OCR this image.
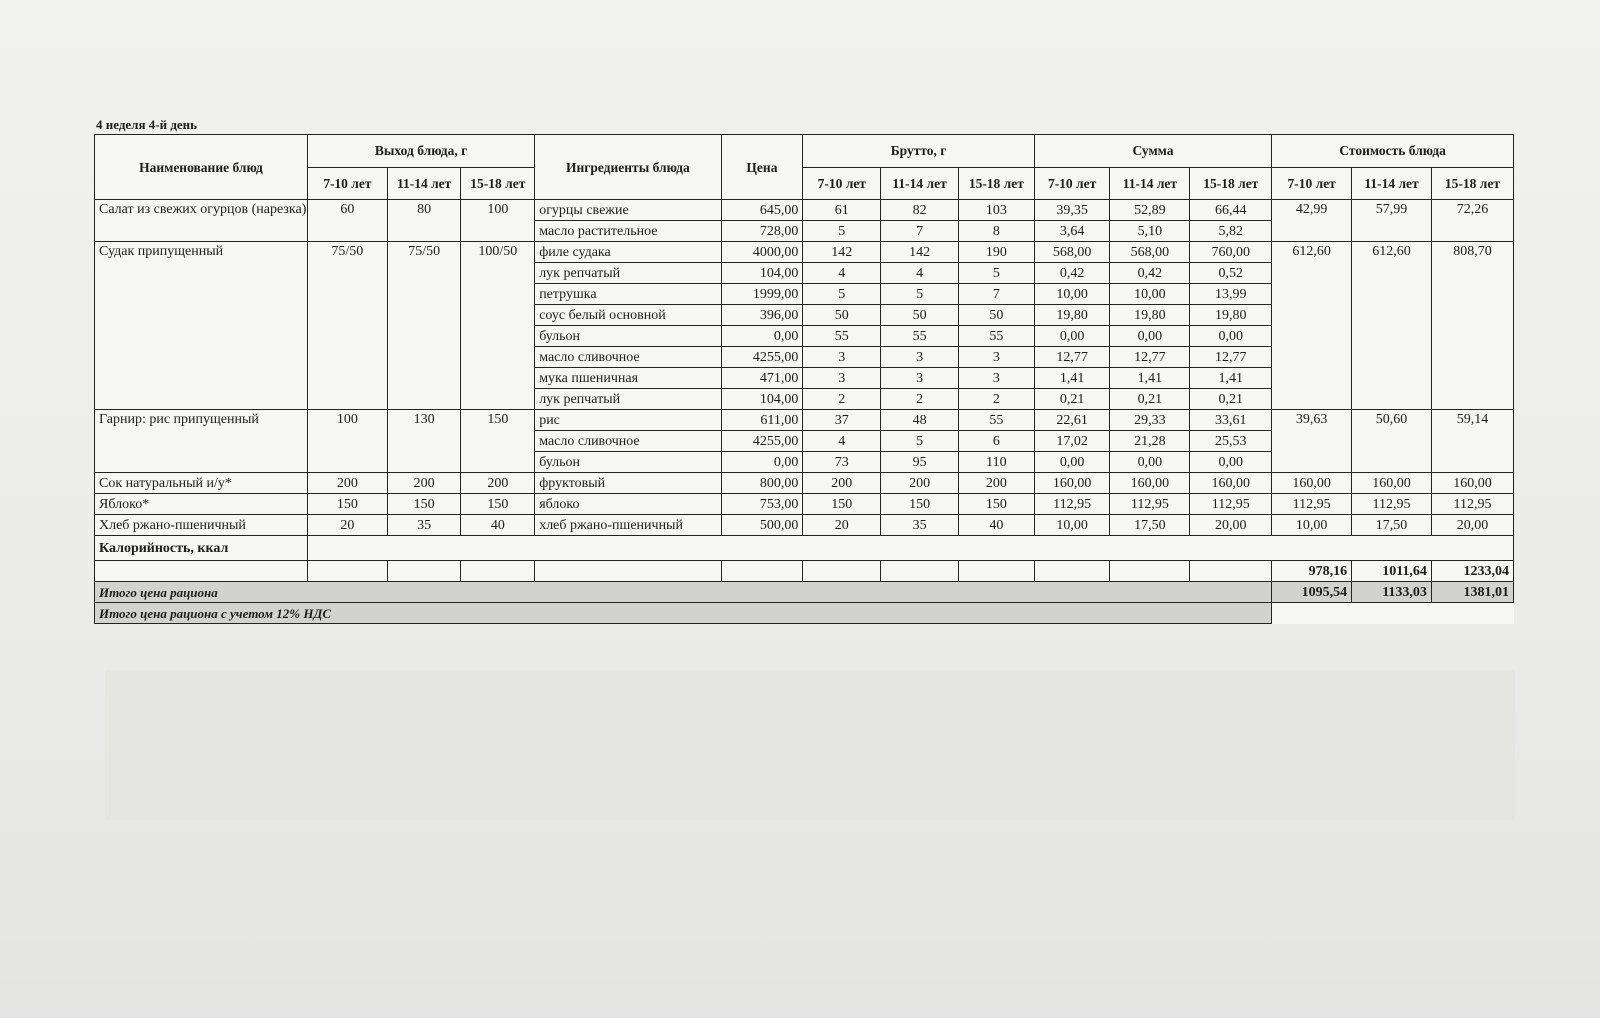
4 неделя 4-й день
Наименование блюд	Выход блюда, г			Ингредиенты блюда	Цена	Брутто, г			Сумма			Стоимость блюда		
	7-10 лет	11-14 лет	15-18 лет			7-10 лет	11-14 лет	15-18 лет	7-10 лет	11-14 лет	15-18 лет	7-10 лет	11-14 лет	15-18 лет
Салат из свежих огурцов (нарезка)	60	80	100	огурцы свежие	645,00	61	82	103	39,35	52,89	66,44	42,99	57,99	72,26
				масло растительное	728,00	5	7	8	3,64	5,10	5,82			
Судак припущенный	75/50	75/50	100/50	филе судака	4000,00	142	142	190	568,00	568,00	760,00	612,60	612,60	808,70
				лук репчатый	104,00	4	4	5	0,42	0,42	0,52			
				петрушка	1999,00	5	5	7	10,00	10,00	13,99			
				соус белый основной	396,00	50	50	50	19,80	19,80	19,80			
				бульон	0,00	55	55	55	0,00	0,00	0,00			
				масло сливочное	4255,00	3	3	3	12,77	12,77	12,77			
				мука пшеничная	471,00	3	3	3	1,41	1,41	1,41			
				лук репчатый	104,00	2	2	2	0,21	0,21	0,21			
Гарнир: рис припущенный	100	130	150	рис	611,00	37	48	55	22,61	29,33	33,61	39,63	50,60	59,14
				масло сливочное	4255,00	4	5	6	17,02	21,28	25,53			
				бульон	0,00	73	95	110	0,00	0,00	0,00			
Сок натуральный и/у*	200	200	200	фруктовый	800,00	200	200	200	160,00	160,00	160,00	160,00	160,00	160,00
Яблоко*	150	150	150	яблоко	753,00	150	150	150	112,95	112,95	112,95	112,95	112,95	112,95
Хлеб ржано-пшеничный	20	35	40	хлеб ржано-пшеничный	500,00	20	35	40	10,00	17,50	20,00	10,00	17,50	20,00
Калорийность, ккал														
												978,16	1011,64	1233,04
Итого цена рациона												1095,54	1133,03	1381,01
Итого цена рациона с учетом 12% НДС														
